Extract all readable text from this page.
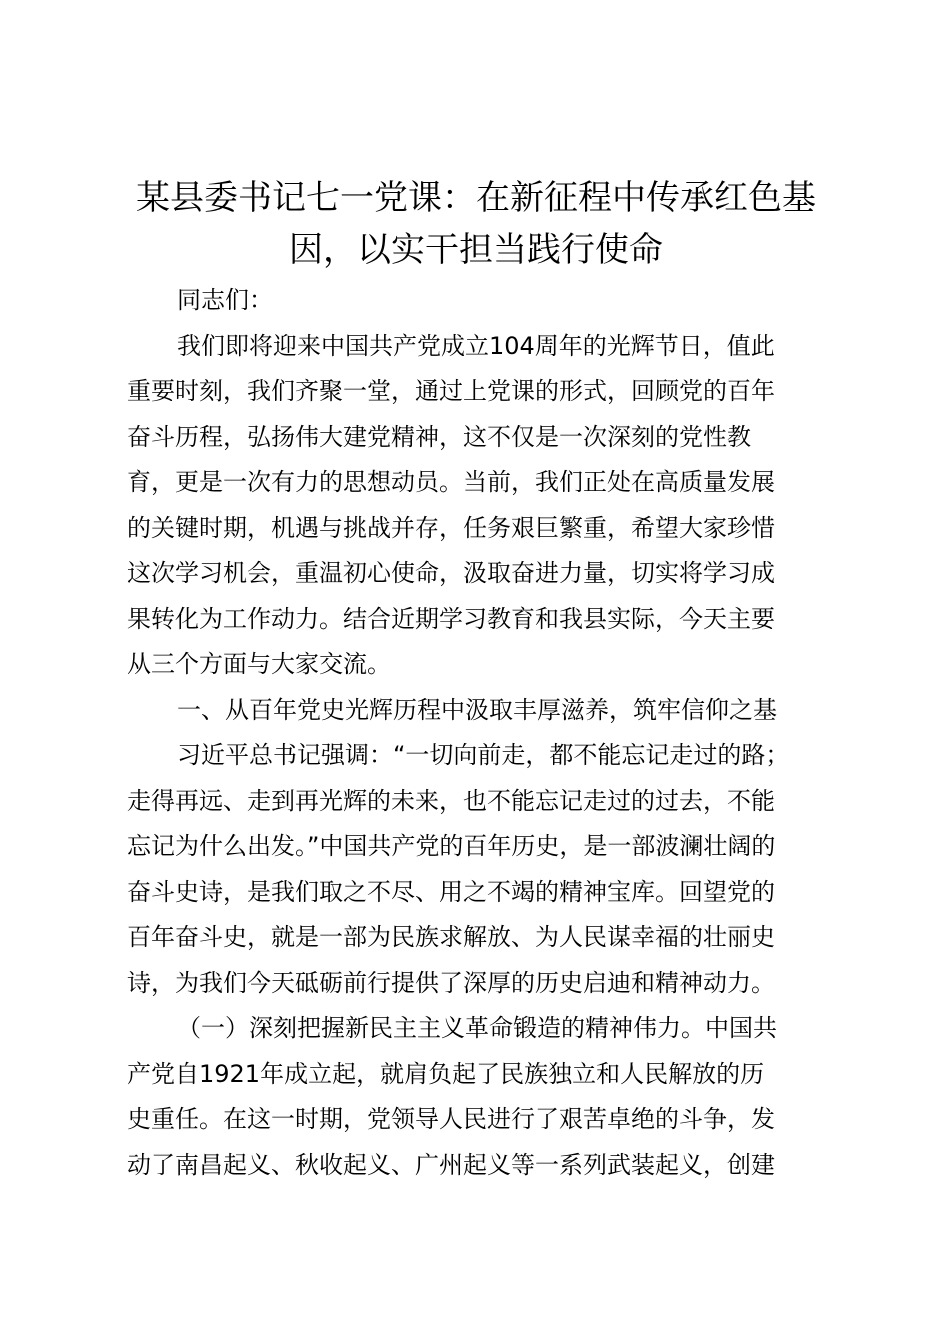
某县委书记七一党课：在新征程中传承红色基
因，以实干担当践行使命

同志们：

我们即将迎来中国共产党成立104周年的光辉节日，值此
重要时刻，我们齐聚一堂，通过上党课的形式，回顾党的百年
奋斗历程，弘扬伟大建党精神，这不仅是一次深刻的党性教
育，更是一次有力的思想动员。当前，我们正处在高质量发展
的关键时期，机遇与挑战并存，任务艰巨繁重，希望大家珍惜
这次学习机会，重温初心使命，汲取奋进力量，切实将学习成
果转化为工作动力。结合近期学习教育和我县实际，今天主要
从三个方面与大家交流。

一、从百年党史光辉历程中汲取丰厚滋养，筑牢信仰之基

习近平总书记强调：“一切向前走，都不能忘记走过的路；
走得再远、走到再光辉的未来，也不能忘记走过的过去，不能
忘记为什么出发。”中国共产党的百年历史，是一部波澜壮阔的
奋斗史诗，是我们取之不尽、用之不竭的精神宝库。回望党的
百年奋斗史，就是一部为民族求解放、为人民谋幸福的壮丽史
诗，为我们今天砥砺前行提供了深厚的历史启迪和精神动力。

（一）深刻把握新民主主义革命锻造的精神伟力。中国共
产党自1921年成立起，就肩负起了民族独立和人民解放的历
史重任。在这一时期，党领导人民进行了艰苦卓绝的斗争，发
动了南昌起义、秋收起义、广州起义等一系列武装起义，创建
